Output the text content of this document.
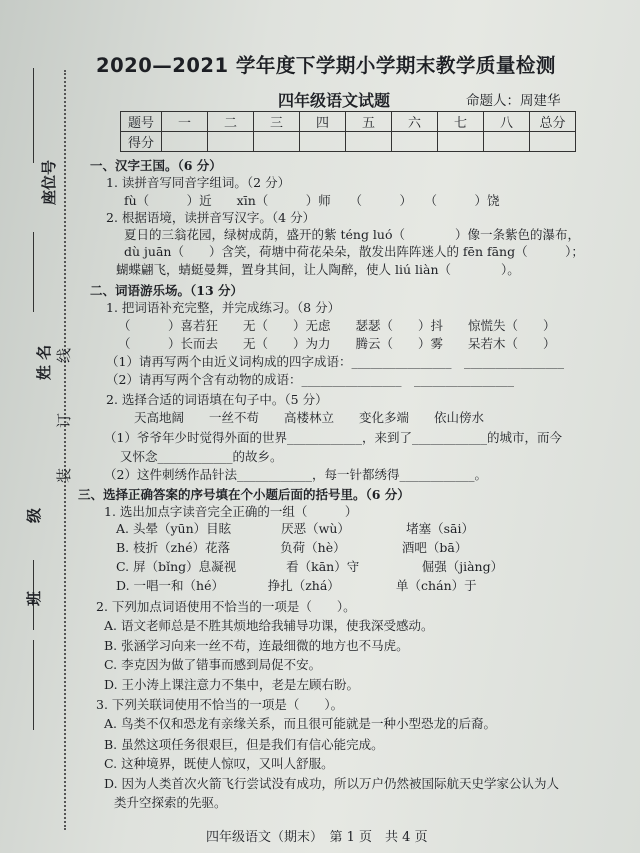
座位号
姓 名
级
班
线
订
装
2020—2021 学年度下学期小学期末教学质量检测
四年级语文试题	命题人：周建华
题号	一	二	三	四	五	六	七	八	总分
得分									
一、汉字王国。（6 分）
1. 读拼音写同音字组词。（2 分）
fù（　　　）近　　xīn（　　　）师　　（　　　）　　（　　　）饶
2. 根据语境，读拼音写汉字。（4 分）
夏日的三翁花园，绿树成荫，盛开的紫 téng luó（　　　　）像一条紫色的瀑布，
dù juān（　　）含笑，荷塘中荷花朵朵，散发出阵阵迷人的 fēn fāng（　　　）；
蝴蝶翩飞，蜻蜓曼舞，置身其间，让人陶醉，使人 liú liàn（　　　　）。
二、词语游乐场。（13 分）
1. 把词语补充完整，并完成练习。（8 分）
（　　　）喜若狂　　无（　　）无虑　　瑟瑟（　　）抖　　惊慌失（　　）
（　　　）长而去　　无（　　）为力　　腾云（　　）雾　　呆若木（　　）
（1）请再写两个由近义词构成的四字成语：________________　________________
（2）请再写两个含有动物的成语：________________　________________
2. 选择合适的词语填在句子中。（5 分）
天高地阔　　一丝不苟　　高楼林立　　变化多端　　依山傍水
（1）爷爷年少时觉得外面的世界____________，来到了____________的城市，而今
又怀念____________的故乡。
（2）这件刺绣作品针法____________，每一针都绣得____________。
三、选择正确答案的序号填在个小题后面的括号里。（6 分）
1. 选出加点字读音完全正确的一组（　　　）
A. 头晕（yūn）目眩　　　　厌恶（wù）　　　　　堵塞（sāi）
B. 枝折（zhé）花落　　　　负荷（hè）　　　　　酒吧（bā）
C. 屏（bǐng）息凝视　　　　看（kān）守　　　　　倔强（jiàng）
D. 一唱一和（hé）　　　　挣扎（zhá）　　　　　单（chán）于
2. 下列加点词语使用不恰当的一项是（　　）。
A. 语文老师总是不胜其烦地给我辅导功课，使我深受感动。
B. 张涵学习向来一丝不苟，连最细微的地方也不马虎。
C. 李克因为做了错事而感到局促不安。
D. 王小涛上课注意力不集中，老是左顾右盼。
3. 下列关联词使用不恰当的一项是（　　）。
A. 鸟类不仅和恐龙有亲缘关系，而且很可能就是一种小型恐龙的后裔。
B. 虽然这项任务很艰巨，但是我们有信心能完成。
C. 这种境界，既使人惊叹，又叫人舒服。
D. 因为人类首次火箭飞行尝试没有成功，所以万户仍然被国际航天史学家公认为人
类升空探索的先驱。
四年级语文（期末）　第 1 页　共 4 页
